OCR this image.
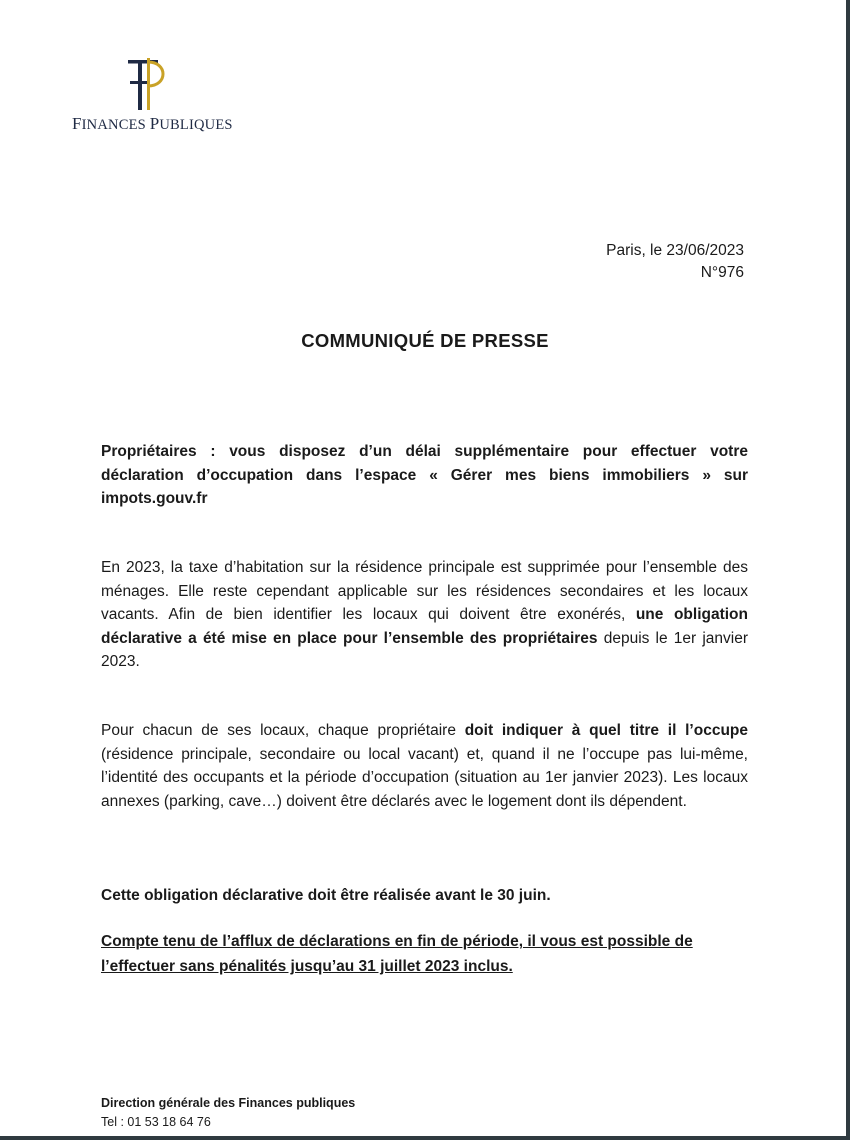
FINANCES PUBLIQUES
Paris, le 23/06/2023
N°976
COMMUNIQUÉ DE PRESSE
Propriétaires : vous disposez d’un délai supplémentaire pour effectuer votre déclaration d’occupation dans l’espace « Gérer mes biens immobiliers » sur impots.gouv.fr
En 2023, la taxe d’habitation sur la résidence principale est supprimée pour l’ensemble des ménages. Elle reste cependant applicable sur les résidences secondaires et les locaux vacants. Afin de bien identifier les locaux qui doivent être exonérés, une obligation déclarative a été mise en place pour l’ensemble des propriétaires depuis le 1er janvier 2023.
Pour chacun de ses locaux, chaque propriétaire doit indiquer à quel titre il l’occupe (résidence principale, secondaire ou local vacant) et, quand il ne l’occupe pas lui-même, l’identité des occupants et la période d’occupation (situation au 1er janvier 2023). Les locaux annexes (parking, cave…) doivent être déclarés avec le logement dont ils dépendent.
Cette obligation déclarative doit être réalisée avant le 30 juin.
Compte tenu de l’afflux de déclarations en fin de période, il vous est possible de l’effectuer sans pénalités jusqu’au 31 juillet 2023 inclus.
Direction générale des Finances publiques
Tel : 01 53 18 64 76
